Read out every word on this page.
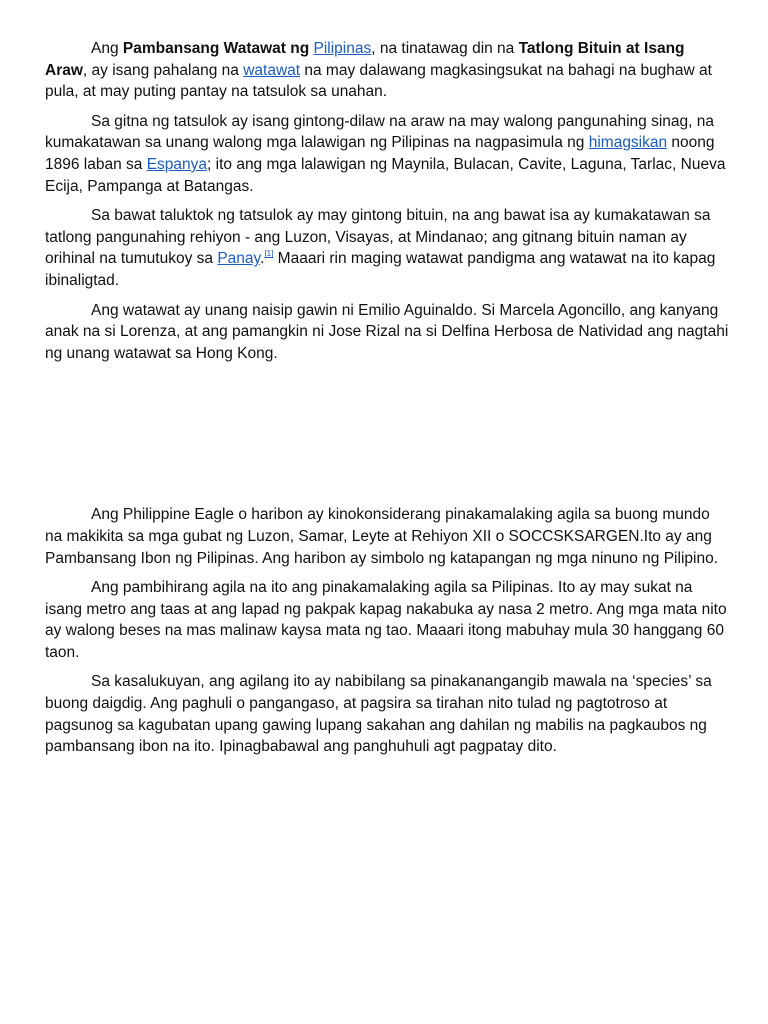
Ang Pambansang Watawat ng Pilipinas, na tinatawag din na Tatlong Bituin at Isang Araw, ay isang pahalang na watawat na may dalawang magkasingsukat na bahagi na bughaw at pula, at may puting pantay na tatsulok sa unahan.

Sa gitna ng tatsulok ay isang gintong-dilaw na araw na may walong pangunahing sinag, na kumakatawan sa unang walong mga lalawigan ng Pilipinas na nagpasimula ng himagsikan noong 1896 laban sa Espanya; ito ang mga lalawigan ng Maynila, Bulacan, Cavite, Laguna, Tarlac, Nueva Ecija, Pampanga at Batangas.

Sa bawat taluktok ng tatsulok ay may gintong bituin, na ang bawat isa ay kumakatawan sa tatlong pangunahing rehiyon - ang Luzon, Visayas, at Mindanao; ang gitnang bituin naman ay orihinal na tumutukoy sa Panay.[1] Maaari rin maging watawat pandigma ang watawat na ito kapag ibinaligtad.

Ang watawat ay unang naisip gawin ni Emilio Aguinaldo. Si Marcela Agoncillo, ang kanyang anak na si Lorenza, at ang pamangkin ni Jose Rizal na si Delfina Herbosa de Natividad ang nagtahi ng unang watawat sa Hong Kong.

Ang Philippine Eagle o haribon ay kinokonsiderang pinakamalaking agila sa buong mundo na makikita sa mga gubat ng Luzon, Samar, Leyte at Rehiyon XII o SOCCSKSARGEN.Ito ay ang Pambansang Ibon ng Pilipinas. Ang haribon ay simbolo ng katapangan ng mga ninuno ng Pilipino.

Ang pambihirang agila na ito ang pinakamalaking agila sa Pilipinas. Ito ay may sukat na isang metro ang taas at ang lapad ng pakpak kapag nakabuka ay nasa 2 metro. Ang mga mata nito ay walong beses na mas malinaw kaysa mata ng tao. Maaari itong mabuhay mula 30 hanggang 60 taon.

Sa kasalukuyan, ang agilang ito ay nabibilang sa pinakanangangib mawala na ‘species’ sa buong daigdig. Ang paghuli o pangangaso, at pagsira sa tirahan nito tulad ng pagtotroso at pagsunog sa kagubatan upang gawing lupang sakahan ang dahilan ng mabilis na pagkaubos ng pambansang ibon na ito. Ipinagbabawal ang panghuhuli agt pagpatay dito.
